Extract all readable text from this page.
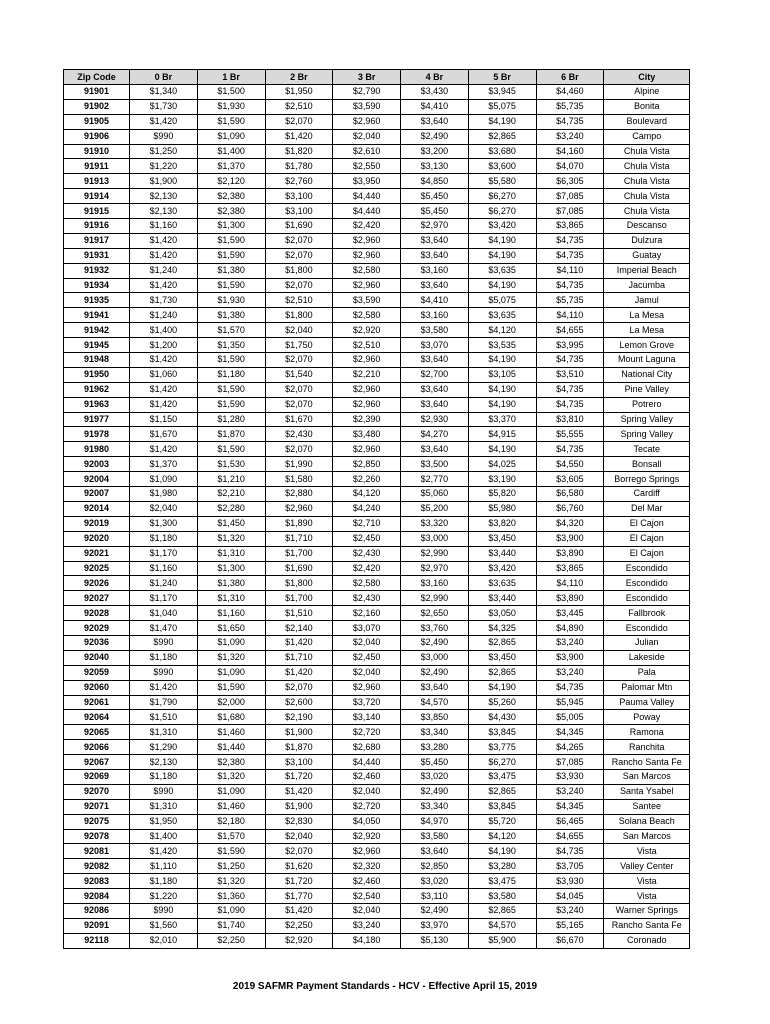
Zip Code	0 Br	1 Br	2 Br	3 Br	4 Br	5 Br	6 Br	City
91901	$1,340	$1,500	$1,950	$2,790	$3,430	$3,945	$4,460	Alpine
91902	$1,730	$1,930	$2,510	$3,590	$4,410	$5,075	$5,735	Bonita
91905	$1,420	$1,590	$2,070	$2,960	$3,640	$4,190	$4,735	Boulevard
91906	$990	$1,090	$1,420	$2,040	$2,490	$2,865	$3,240	Campo
91910	$1,250	$1,400	$1,820	$2,610	$3,200	$3,680	$4,160	Chula Vista
91911	$1,220	$1,370	$1,780	$2,550	$3,130	$3,600	$4,070	Chula Vista
91913	$1,900	$2,120	$2,760	$3,950	$4,850	$5,580	$6,305	Chula Vista
91914	$2,130	$2,380	$3,100	$4,440	$5,450	$6,270	$7,085	Chula Vista
91915	$2,130	$2,380	$3,100	$4,440	$5,450	$6,270	$7,085	Chula Vista
91916	$1,160	$1,300	$1,690	$2,420	$2,970	$3,420	$3,865	Descanso
91917	$1,420	$1,590	$2,070	$2,960	$3,640	$4,190	$4,735	Dulzura
91931	$1,420	$1,590	$2,070	$2,960	$3,640	$4,190	$4,735	Guatay
91932	$1,240	$1,380	$1,800	$2,580	$3,160	$3,635	$4,110	Imperial Beach
91934	$1,420	$1,590	$2,070	$2,960	$3,640	$4,190	$4,735	Jacumba
91935	$1,730	$1,930	$2,510	$3,590	$4,410	$5,075	$5,735	Jamul
91941	$1,240	$1,380	$1,800	$2,580	$3,160	$3,635	$4,110	La Mesa
91942	$1,400	$1,570	$2,040	$2,920	$3,580	$4,120	$4,655	La Mesa
91945	$1,200	$1,350	$1,750	$2,510	$3,070	$3,535	$3,995	Lemon Grove
91948	$1,420	$1,590	$2,070	$2,960	$3,640	$4,190	$4,735	Mount Laguna
91950	$1,060	$1,180	$1,540	$2,210	$2,700	$3,105	$3,510	National City
91962	$1,420	$1,590	$2,070	$2,960	$3,640	$4,190	$4,735	Pine Valley
91963	$1,420	$1,590	$2,070	$2,960	$3,640	$4,190	$4,735	Potrero
91977	$1,150	$1,280	$1,670	$2,390	$2,930	$3,370	$3,810	Spring Valley
91978	$1,670	$1,870	$2,430	$3,480	$4,270	$4,915	$5,555	Spring Valley
91980	$1,420	$1,590	$2,070	$2,960	$3,640	$4,190	$4,735	Tecate
92003	$1,370	$1,530	$1,990	$2,850	$3,500	$4,025	$4,550	Bonsall
92004	$1,090	$1,210	$1,580	$2,260	$2,770	$3,190	$3,605	Borrego Springs
92007	$1,980	$2,210	$2,880	$4,120	$5,060	$5,820	$6,580	Cardiff
92014	$2,040	$2,280	$2,960	$4,240	$5,200	$5,980	$6,760	Del Mar
92019	$1,300	$1,450	$1,890	$2,710	$3,320	$3,820	$4,320	El Cajon
92020	$1,180	$1,320	$1,710	$2,450	$3,000	$3,450	$3,900	El Cajon
92021	$1,170	$1,310	$1,700	$2,430	$2,990	$3,440	$3,890	El Cajon
92025	$1,160	$1,300	$1,690	$2,420	$2,970	$3,420	$3,865	Escondido
92026	$1,240	$1,380	$1,800	$2,580	$3,160	$3,635	$4,110	Escondido
92027	$1,170	$1,310	$1,700	$2,430	$2,990	$3,440	$3,890	Escondido
92028	$1,040	$1,160	$1,510	$2,160	$2,650	$3,050	$3,445	Fallbrook
92029	$1,470	$1,650	$2,140	$3,070	$3,760	$4,325	$4,890	Escondido
92036	$990	$1,090	$1,420	$2,040	$2,490	$2,865	$3,240	Julian
92040	$1,180	$1,320	$1,710	$2,450	$3,000	$3,450	$3,900	Lakeside
92059	$990	$1,090	$1,420	$2,040	$2,490	$2,865	$3,240	Pala
92060	$1,420	$1,590	$2,070	$2,960	$3,640	$4,190	$4,735	Palomar Mtn
92061	$1,790	$2,000	$2,600	$3,720	$4,570	$5,260	$5,945	Pauma Valley
92064	$1,510	$1,680	$2,190	$3,140	$3,850	$4,430	$5,005	Poway
92065	$1,310	$1,460	$1,900	$2,720	$3,340	$3,845	$4,345	Ramona
92066	$1,290	$1,440	$1,870	$2,680	$3,280	$3,775	$4,265	Ranchita
92067	$2,130	$2,380	$3,100	$4,440	$5,450	$6,270	$7,085	Rancho Santa Fe
92069	$1,180	$1,320	$1,720	$2,460	$3,020	$3,475	$3,930	San Marcos
92070	$990	$1,090	$1,420	$2,040	$2,490	$2,865	$3,240	Santa Ysabel
92071	$1,310	$1,460	$1,900	$2,720	$3,340	$3,845	$4,345	Santee
92075	$1,950	$2,180	$2,830	$4,050	$4,970	$5,720	$6,465	Solana Beach
92078	$1,400	$1,570	$2,040	$2,920	$3,580	$4,120	$4,655	San Marcos
92081	$1,420	$1,590	$2,070	$2,960	$3,640	$4,190	$4,735	Vista
92082	$1,110	$1,250	$1,620	$2,320	$2,850	$3,280	$3,705	Valley Center
92083	$1,180	$1,320	$1,720	$2,460	$3,020	$3,475	$3,930	Vista
92084	$1,220	$1,360	$1,770	$2,540	$3,110	$3,580	$4,045	Vista
92086	$990	$1,090	$1,420	$2,040	$2,490	$2,865	$3,240	Warner Springs
92091	$1,560	$1,740	$2,250	$3,240	$3,970	$4,570	$5,165	Rancho Santa Fe
92118	$2,010	$2,250	$2,920	$4,180	$5,130	$5,900	$6,670	Coronado
2019 SAFMR Payment Standards - HCV - Effective April 15, 2019
